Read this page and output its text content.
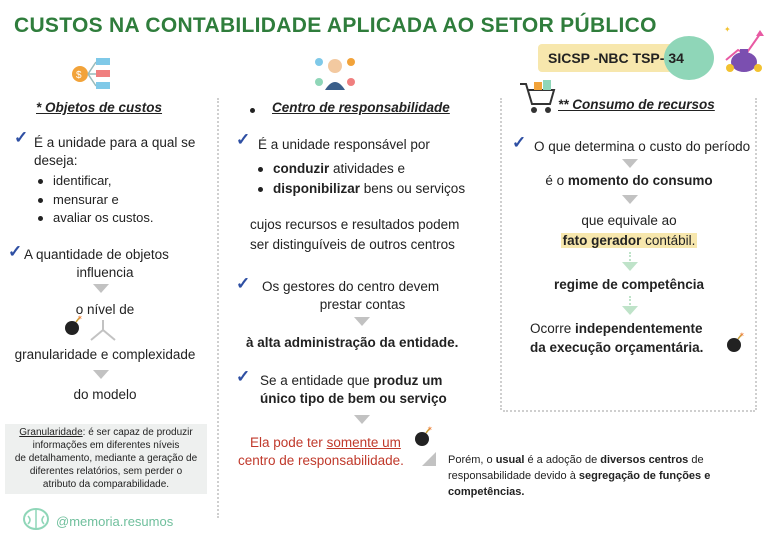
CUSTOS NA CONTABILIDADE APLICADA AO SETOR PÚBLICO
SICSP -NBC TSP- 34
✦
$
* Objetos de custos
✓ É a unidade para a qual se
deseja:
identificar,
mensurar e
avaliar os custos.
✓ A quantidade de objetos
influencia
o nível de
✶
granularidade e complexidade
do modelo
Granularidade: é ser capaz de produzir
informações em diferentes níveis
de detalhamento, mediante a geração de
diferentes relatórios, sem perder o
atributo da comparabilidade.
Centro de responsabilidade
✓ É a unidade responsável por
conduzir atividades e
disponibilizar bens ou serviços
cujos recursos e resultados podem
ser distinguíveis de outros centros
✓ Os gestores do centro devem
prestar contas
à alta administração da entidade.
✓ Se a entidade que produz um
único tipo de bem ou serviço
Ela pode ter somente um
centro de responsabilidade.
✶
** Consumo de recursos
✓ O que determina o custo do período
é o momento do consumo
que equivale ao
fato gerador contábil.
regime de competência
Ocorre independentemente
da execução orçamentária.
✶
Porém, o usual é a adoção de diversos centros de
responsabilidade devido à segregação de funções e
competências.
@memoria.resumos
